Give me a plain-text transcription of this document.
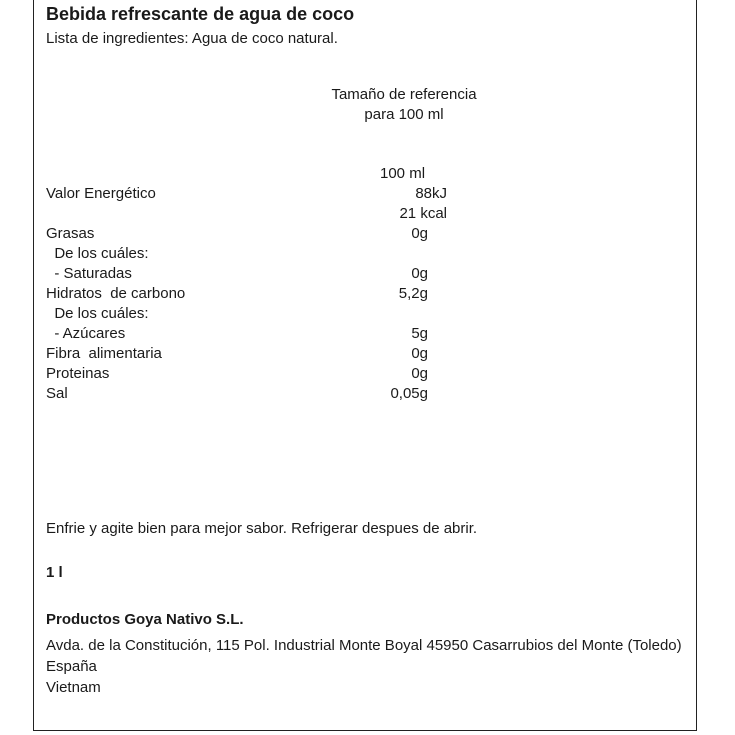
Bebida refrescante de agua de coco
Lista de ingredientes: Agua de coco natural.
Tamaño de referencia
para 100 ml
100 ml
Valor Energético	88kJ
21 kcal
Grasas	0g
De los cuáles:
- Saturadas	0g
Hidratos  de carbono	5,2g
De los cuáles:
- Azúcares	5g
Fibra  alimentaria	0g
Proteinas	0g
Sal	0,05g
Enfrie y agite bien para mejor sabor. Refrigerar despues de abrir.
1 l
Productos Goya Nativo S.L.
Avda. de la Constitución, 115 Pol. Industrial Monte Boyal 45950 Casarrubios del Monte (Toledo) España
Vietnam
